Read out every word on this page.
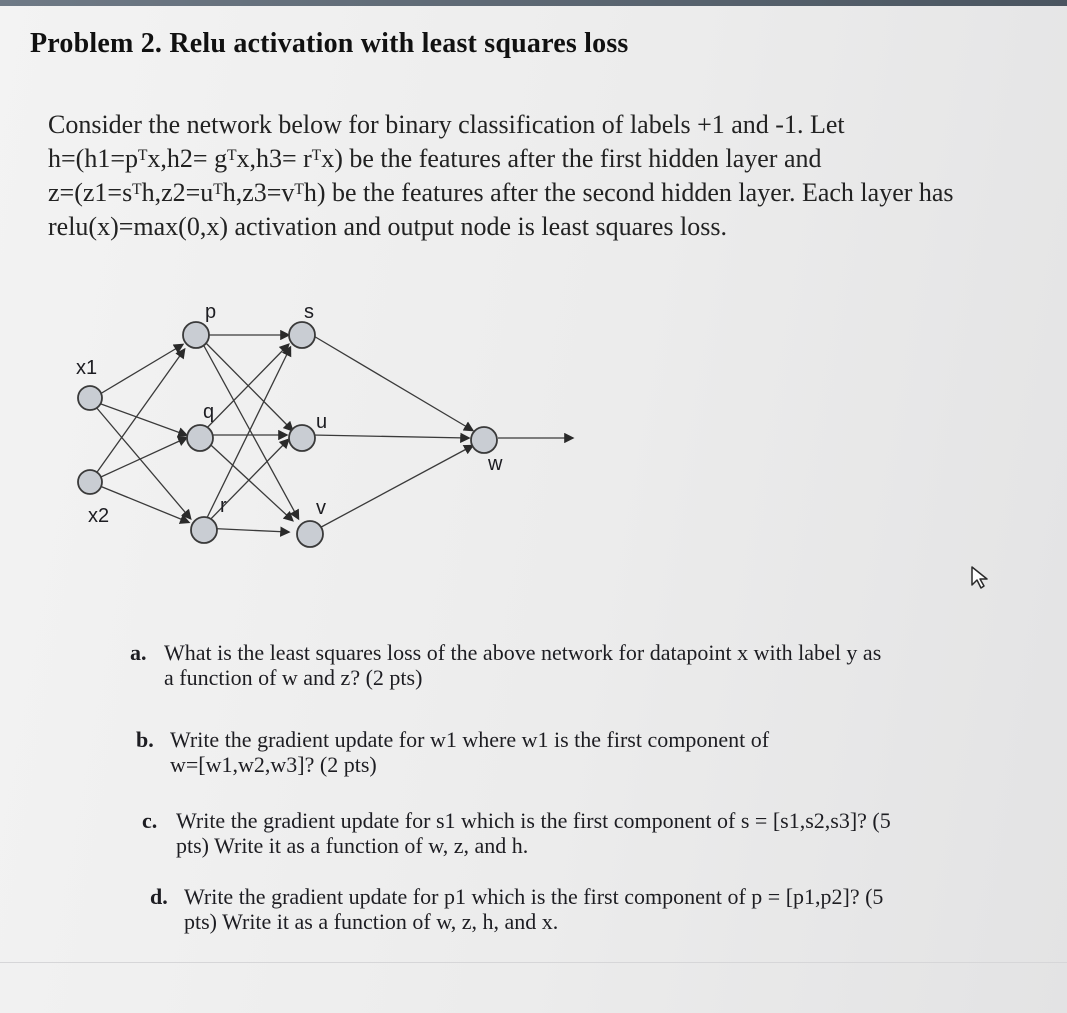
Problem 2. Relu activation with least squares loss
Consider the network below for binary classification of labels +1 and -1. Let
h=(h1=pᵀx,h2= gᵀx,h3= rᵀx) be the features after the first hidden layer and
z=(z1=sᵀh,z2=uᵀh,z3=vᵀh) be the features after the second hidden layer. Each layer has
relu(x)=max(0,x) activation and output node is least squares loss.
x1
x2
p
q
r
s
u
v
w
a. What is the least squares loss of the above network for datapoint x with label y as
a function of w and z? (2 pts)
b. Write the gradient update for w1 where w1 is the first component of
w=[w1,w2,w3]? (2 pts)
c. Write the gradient update for s1 which is the first component of s = [s1,s2,s3]? (5
pts) Write it as a function of w, z, and h.
d. Write the gradient update for p1 which is the first component of p = [p1,p2]? (5
pts) Write it as a function of w, z, h, and x.
